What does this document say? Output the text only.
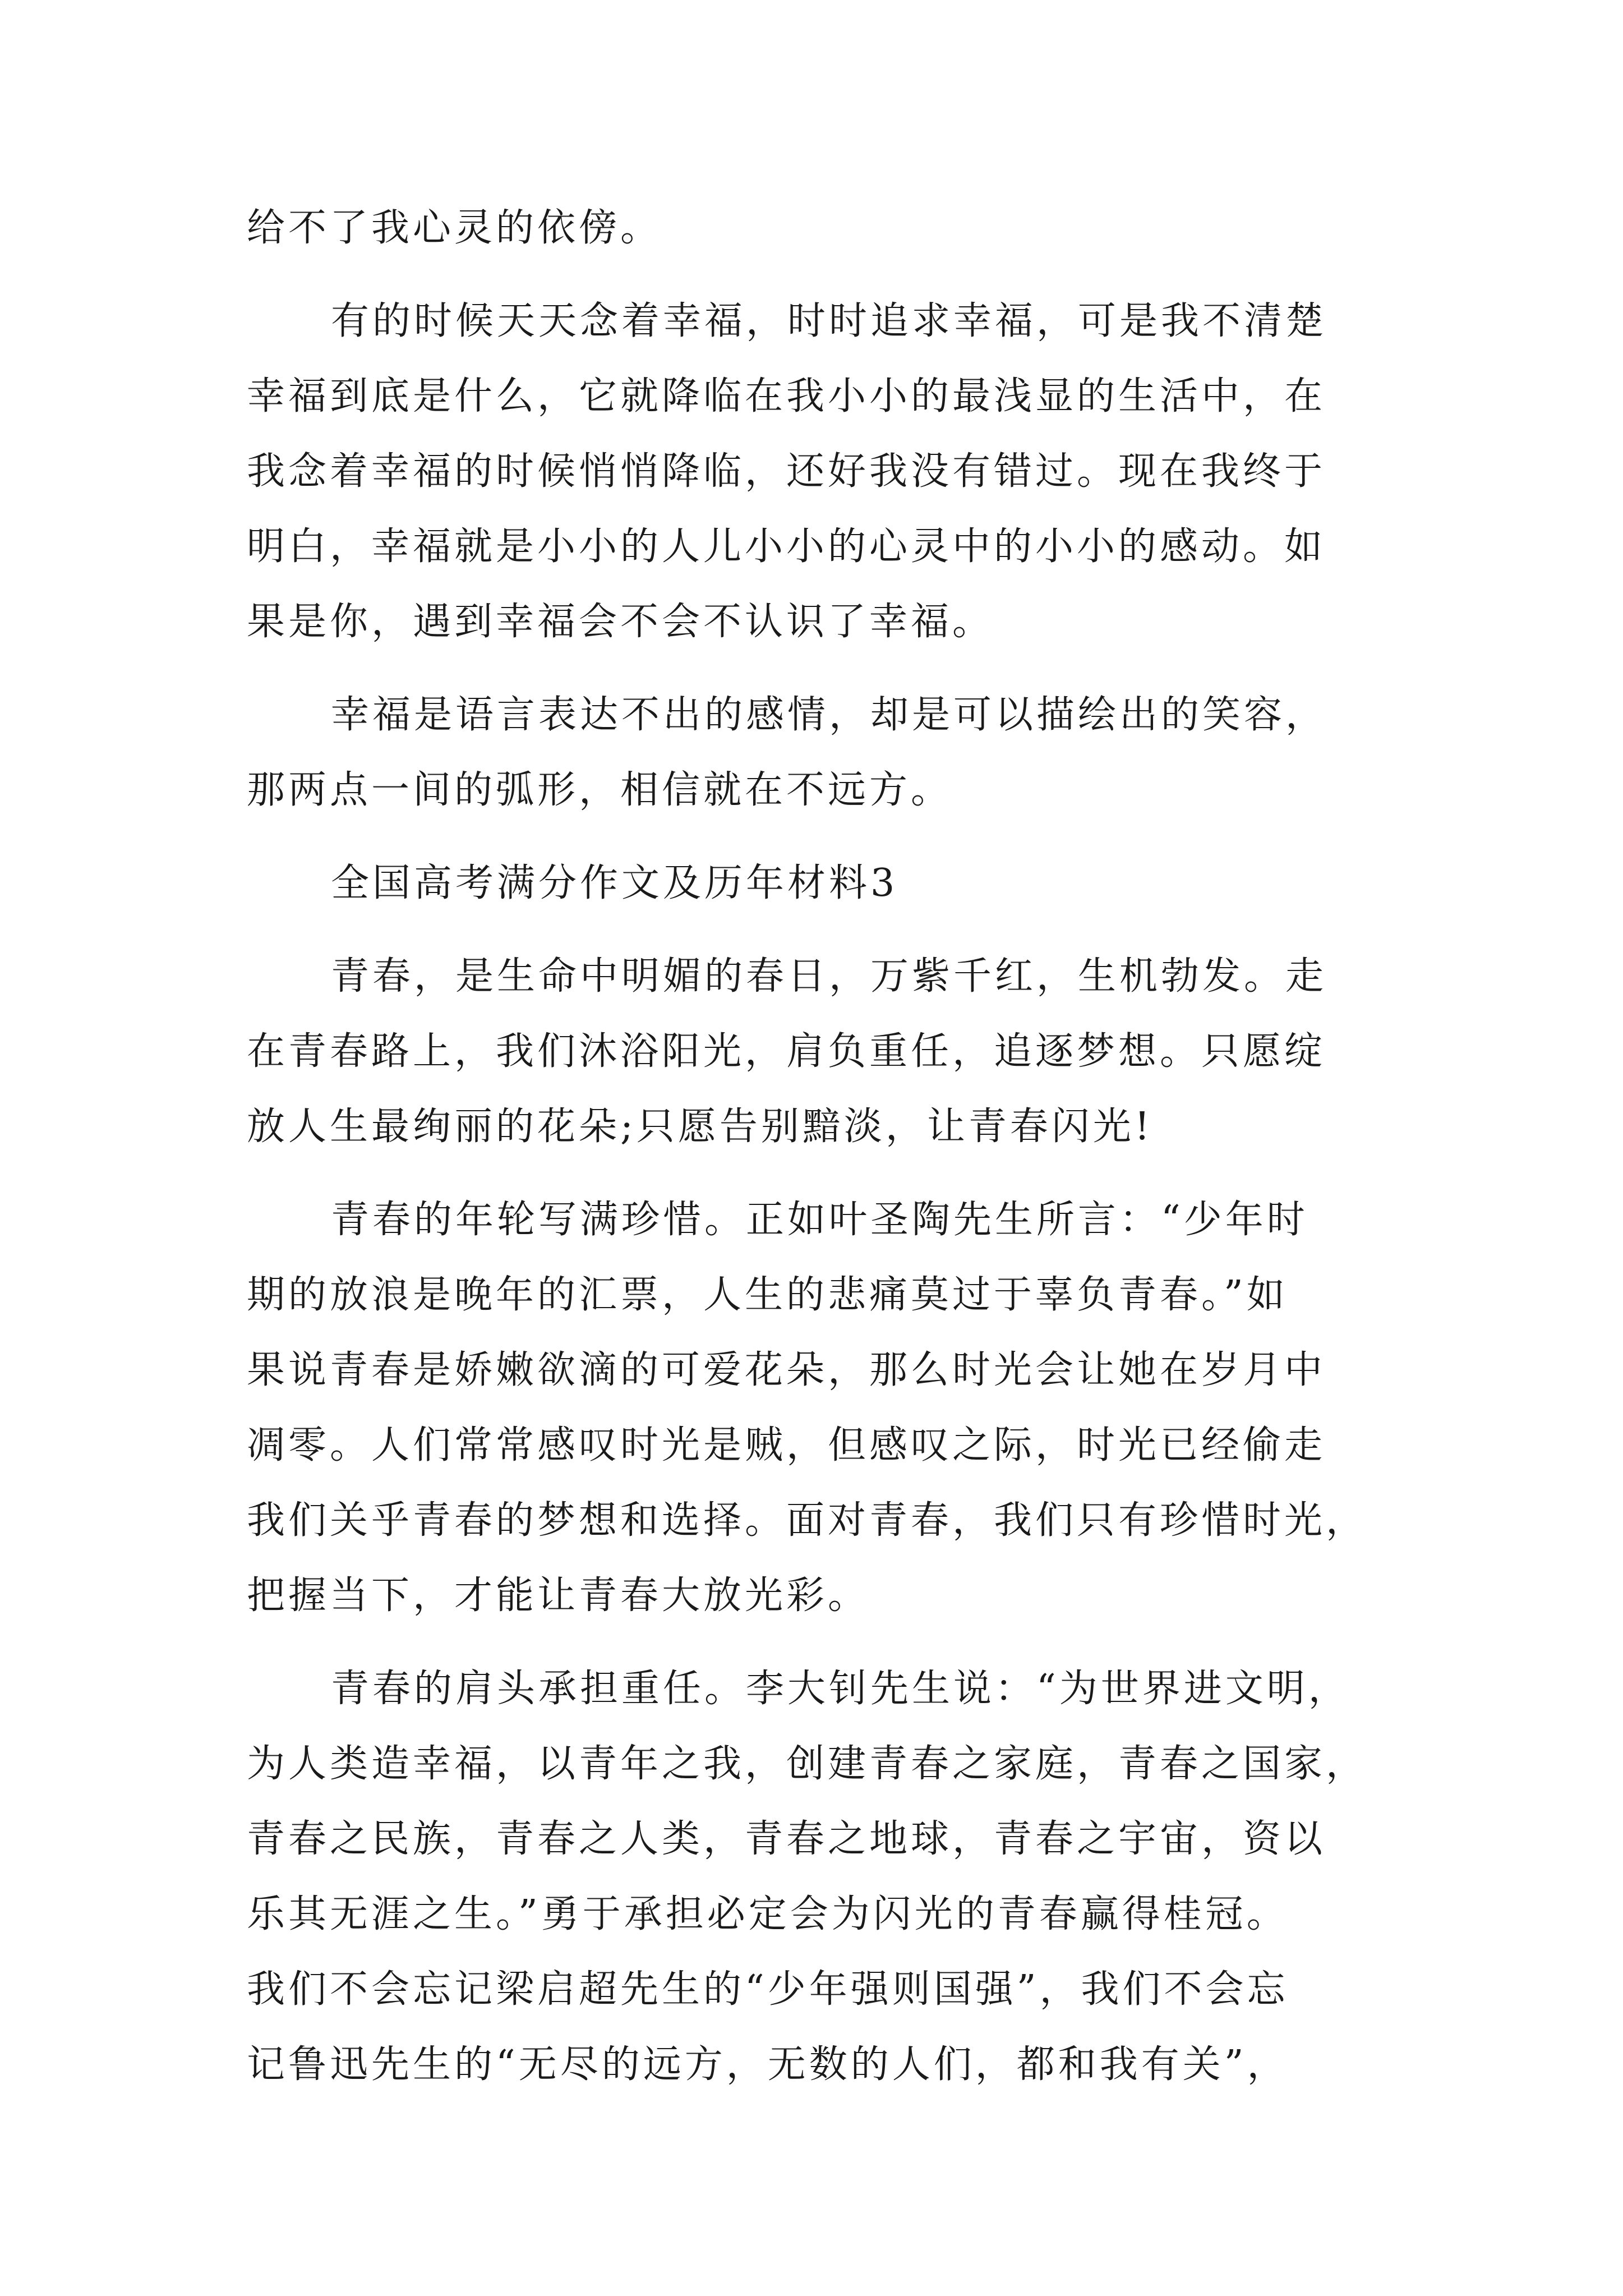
给不了我心灵的依傍。
有的时候天天念着幸福，时时追求幸福，可是我不清楚
幸福到底是什么，它就降临在我小小的最浅显的生活中，在
我念着幸福的时候悄悄降临，还好我没有错过。现在我终于
明白，幸福就是小小的人儿小小的心灵中的小小的感动。如
果是你，遇到幸福会不会不认识了幸福。
幸福是语言表达不出的感情，却是可以描绘出的笑容，
那两点一间的弧形，相信就在不远方。
全国高考满分作文及历年材料3
青春，是生命中明媚的春日，万紫千红，生机勃发。走
在青春路上，我们沐浴阳光，肩负重任，追逐梦想。只愿绽
放人生最绚丽的花朵;只愿告别黯淡，让青春闪光!
青春的年轮写满珍惜。正如叶圣陶先生所言：“少年时
期的放浪是晚年的汇票，人生的悲痛莫过于辜负青春。”如
果说青春是娇嫩欲滴的可爱花朵，那么时光会让她在岁月中
凋零。人们常常感叹时光是贼，但感叹之际，时光已经偷走
我们关乎青春的梦想和选择。面对青春，我们只有珍惜时光，
把握当下，才能让青春大放光彩。
青春的肩头承担重任。李大钊先生说：“为世界进文明，
为人类造幸福，以青年之我，创建青春之家庭，青春之国家，
青春之民族，青春之人类，青春之地球，青春之宇宙，资以
乐其无涯之生。”勇于承担必定会为闪光的青春赢得桂冠。
我们不会忘记梁启超先生的“少年强则国强”，我们不会忘
记鲁迅先生的“无尽的远方，无数的人们，都和我有关”，
